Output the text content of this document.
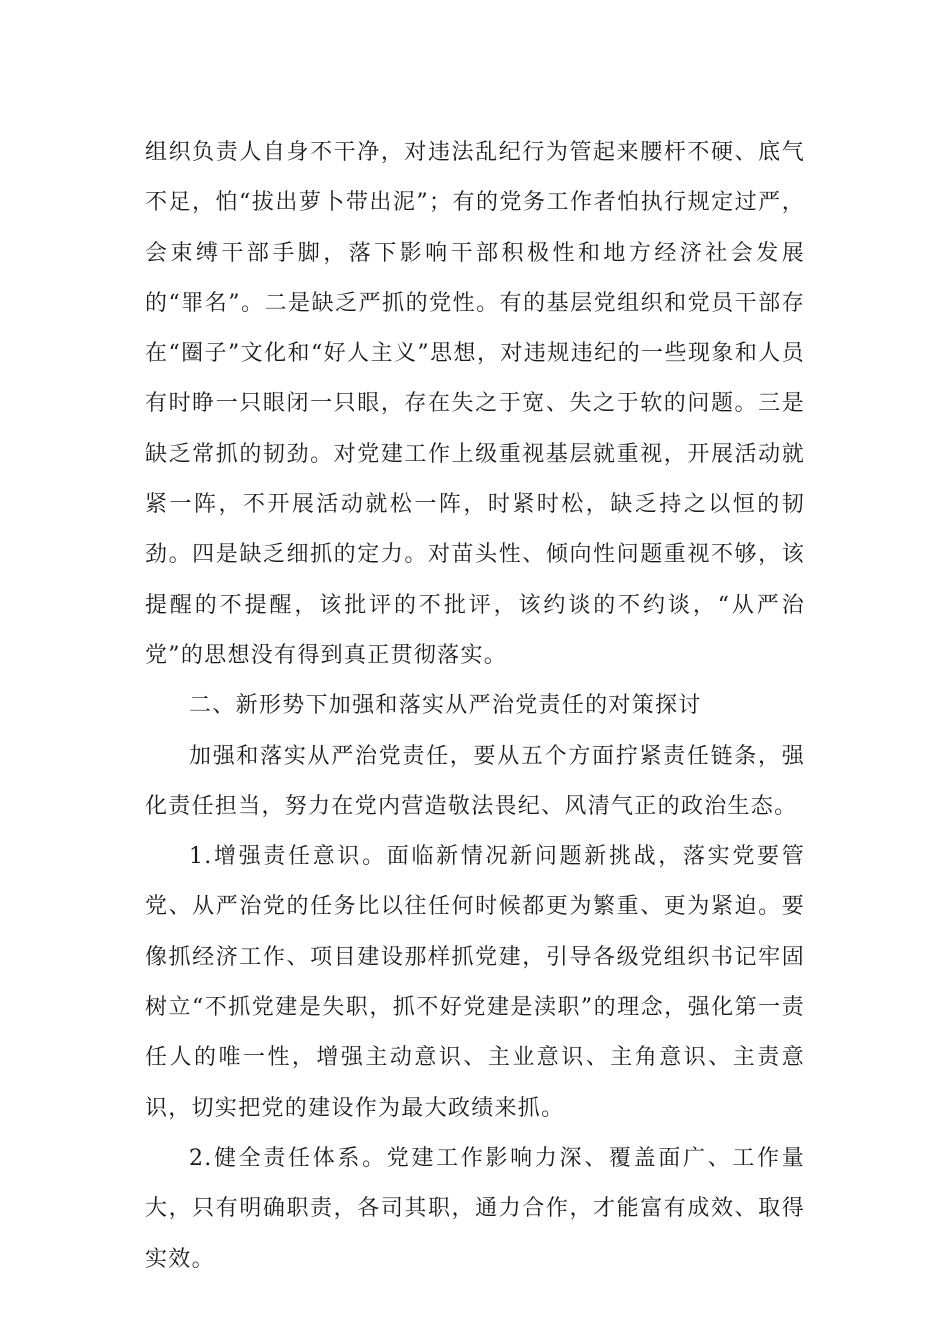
组织负责人自身不干净，对违法乱纪行为管起来腰杆不硬、底气不足，怕“拔出萝卜带出泥”；有的党务工作者怕执行规定过严，会束缚干部手脚，落下影响干部积极性和地方经济社会发展的“罪名”。二是缺乏严抓的党性。有的基层党组织和党员干部存在“圈子”文化和“好人主义”思想，对违规违纪的一些现象和人员有时睁一只眼闭一只眼，存在失之于宽、失之于软的问题。三是缺乏常抓的韧劲。对党建工作上级重视基层就重视，开展活动就紧一阵，不开展活动就松一阵，时紧时松，缺乏持之以恒的韧劲。四是缺乏细抓的定力。对苗头性、倾向性问题重视不够，该提醒的不提醒，该批评的不批评，该约谈的不约谈，“从严治党”的思想没有得到真正贯彻落实。

二、新形势下加强和落实从严治党责任的对策探讨

加强和落实从严治党责任，要从五个方面拧紧责任链条，强化责任担当，努力在党内营造敬法畏纪、风清气正的政治生态。

1.增强责任意识。面临新情况新问题新挑战，落实党要管党、从严治党的任务比以往任何时候都更为繁重、更为紧迫。要像抓经济工作、项目建设那样抓党建，引导各级党组织书记牢固树立“不抓党建是失职，抓不好党建是渎职”的理念，强化第一责任人的唯一性，增强主动意识、主业意识、主角意识、主责意识，切实把党的建设作为最大政绩来抓。

2.健全责任体系。党建工作影响力深、覆盖面广、工作量大，只有明确职责，各司其职，通力合作，才能富有成效、取得实效。
